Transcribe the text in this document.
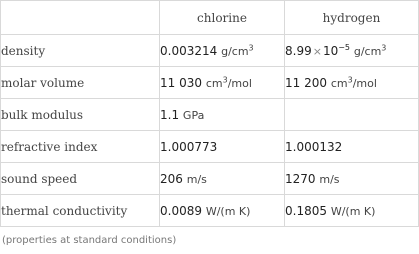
	chlorine	hydrogen
density	0.003214 $g/cm^3$	$8.99\times 10^{-5}$ $g/cm^3$
molar volume	11 030 $cm^3$/mol	11 200 $cm^3$/mol
bulk modulus	1.1 GPa	
refractive index	1.000773	1.000132
sound speed	206 m/s	1270 m/s
thermal conductivity	0.0089 W/(m K)	0.1805 W/(m K)
(properties at standard conditions)
